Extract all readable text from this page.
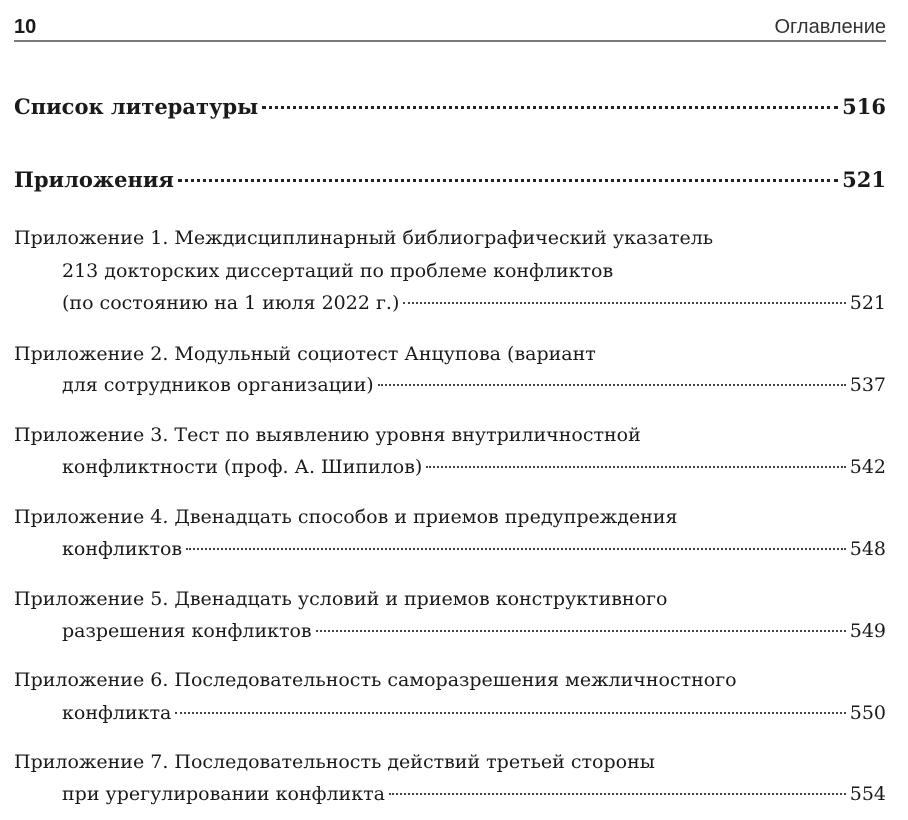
10	Оглавление
Список литературы	516
Приложения	521
Приложение 1. Междисциплинарный библиографический указатель
213 докторских диссертаций по проблеме конфликтов
(по состоянию на 1 июля 2022 г.)	521
Приложение 2. Модульный социотест Анцупова (вариант
для сотрудников организации)	537
Приложение 3. Тест по выявлению уровня внутриличностной
конфликтности (проф. А. Шипилов)	542
Приложение 4. Двенадцать способов и приемов предупреждения
конфликтов	548
Приложение 5. Двенадцать условий и приемов конструктивного
разрешения конфликтов	549
Приложение 6. Последовательность саморазрешения межличностного
конфликта	550
Приложение 7. Последовательность действий третьей стороны
при урегулировании конфликта	554
